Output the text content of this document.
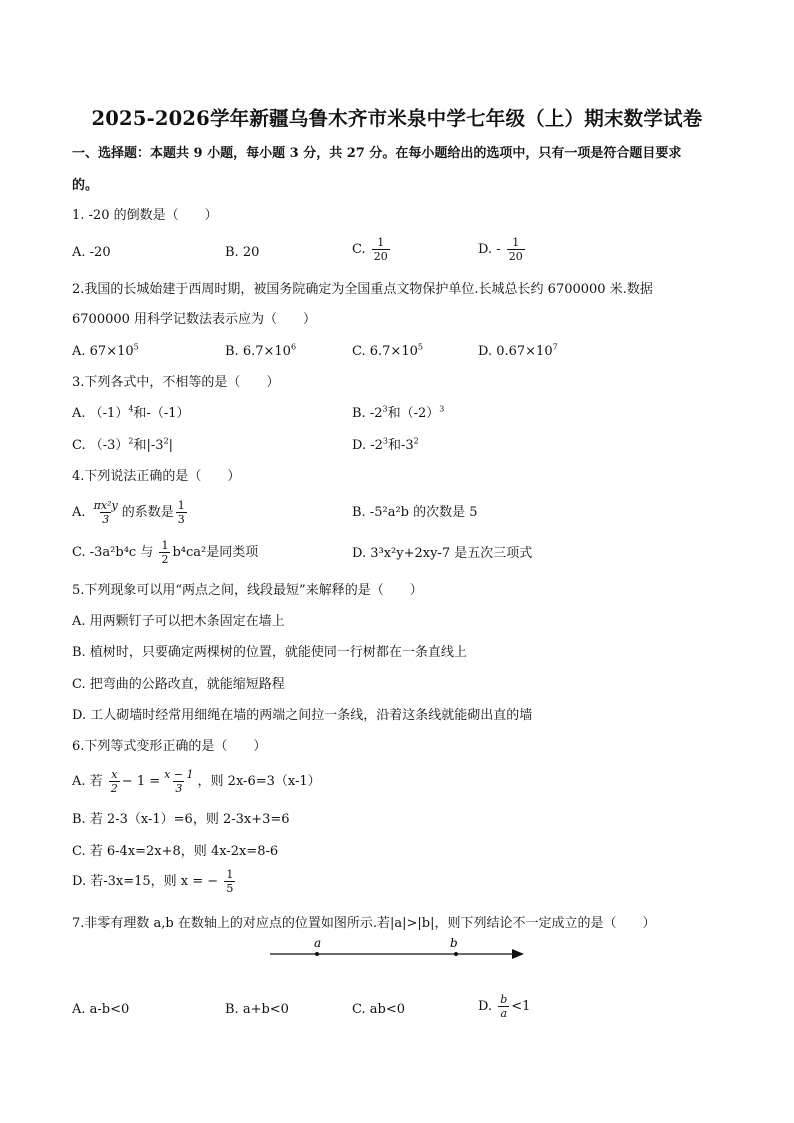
2025-2026学年新疆乌鲁木齐市米泉中学七年级（上）期末数学试卷
一、选择题：本题共 9 小题，每小题 3 分，共 27 分。在每小题给出的选项中，只有一项是符合题目要求
的。
1. -20 的倒数是（　　）
A. -20	B. 20	C. $\frac{1}{20}$	D. - $\frac{1}{20}$
2.我国的长城始建于西周时期，被国务院确定为全国重点文物保护单位.长城总长约 6700000 米.数据
6700000 用科学记数法表示应为（　　）
A. $67\times 10^5$	B. $6.7\times 10^6$	C. $6.7\times 10^5$	D. $0.67\times 10^7$
3.下列各式中，不相等的是（　　）
A. $(-1)^4$和-（-1）	B. $-2^3$和$(-2)^3$
C. $(-3)^2$和$|-3^2|$	D. $-2^3$和$-3^2$
4.下列说法正确的是（　　）
A. $\frac{\text{πx²y}}{3}$ 的系数是 $\frac{1}{3}$	B. -5²a²b 的次数是 5
C. -3a²b⁴c 与 $\frac{1}{2} b^4ca^2$是同类项	D. 3³x²y+2xy-7 是五次三项式
5.下列现象可以用“两点之间，线段最短”来解释的是（　　）
A. 用两颗钉子可以把木条固定在墙上
B. 植树时，只要确定两棵树的位置，就能使同一行树都在一条直线上
C. 把弯曲的公路改直，就能缩短路程
D. 工人砌墙时经常用细绳在墙的两端之间拉一条线，沿着这条线就能砌出直的墙
6.下列等式变形正确的是（　　）
A. 若 $\frac{x}{2} - 1 = \frac{x - 1}{3}$ ，则 2x-6=3（x-1）
B. 若 2-3（x-1）=6，则 2-3x+3=6
C. 若 6-4x=2x+8，则 4x-2x=8-6
D. 若-3x=15，则 x = − $\frac{1}{5}$
7.非零有理数 a,b 在数轴上的对应点的位置如图所示.若|a|>|b|，则下列结论不一定成立的是（　　）
a	b
A. a-b<0	B. a+b<0	C. ab<0	D. $\frac{b}{a} <1$
